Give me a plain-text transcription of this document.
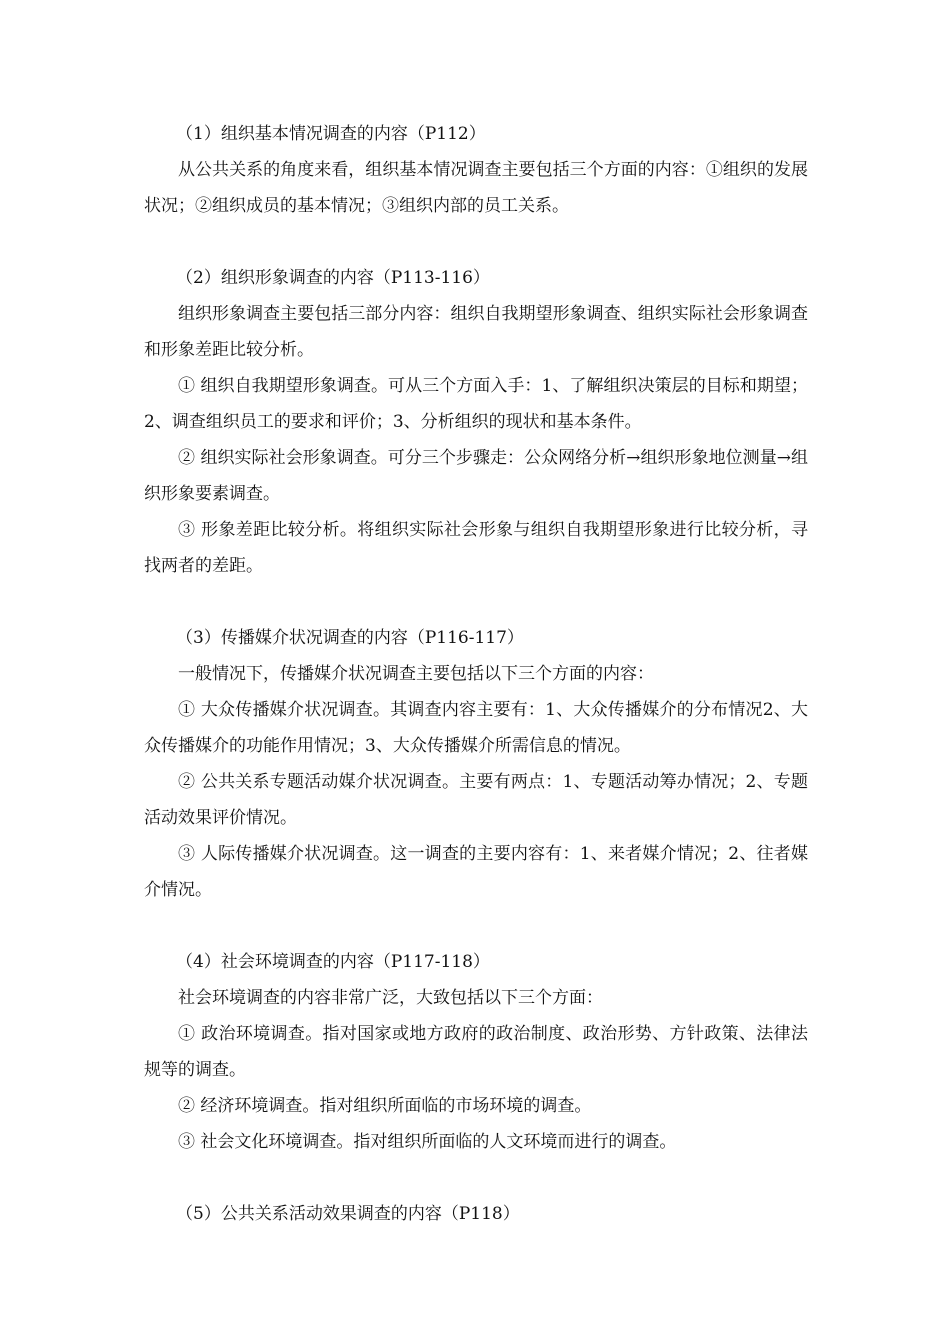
（1）组织基本情况调查的内容（P112）

从公共关系的角度来看，组织基本情况调查主要包括三个方面的内容：①组织的发展状况；②组织成员的基本情况；③组织内部的员工关系。

（2）组织形象调查的内容（P113-116）

组织形象调查主要包括三部分内容：组织自我期望形象调查、组织实际社会形象调查和形象差距比较分析。

① 组织自我期望形象调查。可从三个方面入手：1、了解组织决策层的目标和期望；2、调查组织员工的要求和评价；3、分析组织的现状和基本条件。

② 组织实际社会形象调查。可分三个步骤走：公众网络分析→组织形象地位测量→组织形象要素调查。

③ 形象差距比较分析。将组织实际社会形象与组织自我期望形象进行比较分析，寻找两者的差距。

（3）传播媒介状况调查的内容（P116-117）

一般情况下，传播媒介状况调查主要包括以下三个方面的内容：

① 大众传播媒介状况调查。其调查内容主要有：1、大众传播媒介的分布情况2、大众传播媒介的功能作用情况；3、大众传播媒介所需信息的情况。

② 公共关系专题活动媒介状况调查。主要有两点：1、专题活动筹办情况；2、专题活动效果评价情况。

③ 人际传播媒介状况调查。这一调查的主要内容有：1、来者媒介情况；2、往者媒介情况。

（4）社会环境调查的内容（P117-118）

社会环境调查的内容非常广泛，大致包括以下三个方面：

① 政治环境调查。指对国家或地方政府的政治制度、政治形势、方针政策、法律法规等的调查。

② 经济环境调查。指对组织所面临的市场环境的调查。

③ 社会文化环境调查。指对组织所面临的人文环境而进行的调查。

（5）公共关系活动效果调查的内容（P118）
